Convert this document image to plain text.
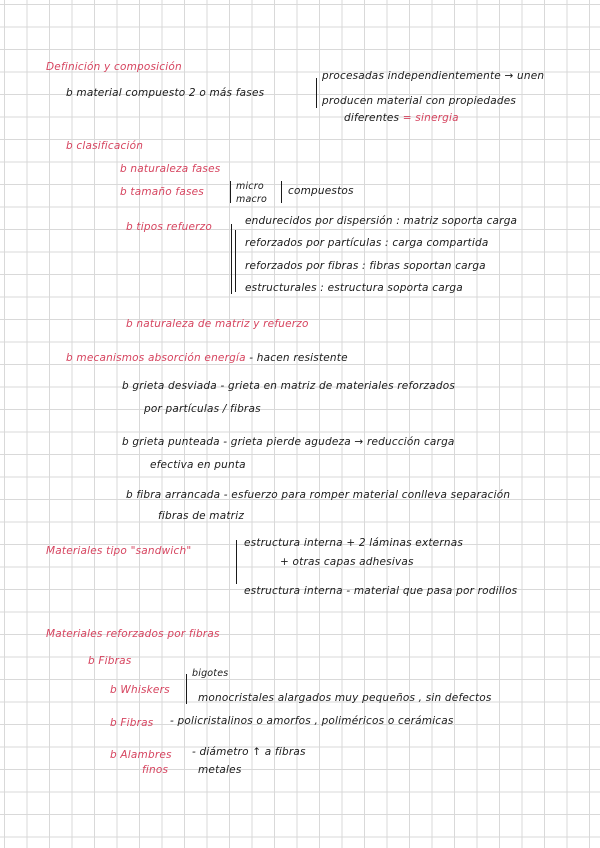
Definición y composición
b material compuesto 2 o más fases
procesadas independientemente → unen
producen material con propiedades
diferentes = sinergia
b clasificación
b naturaleza fases
b tamaño fases	micro
macro
compuestos
b tipos refuerzo	endurecidos por dispersión : matriz soporta carga
reforzados por partículas : carga compartida
reforzados por fibras : fibras soportan carga
estructurales : estructura soporta carga
b naturaleza de matriz y refuerzo
b mecanismos absorción energía - hacen resistente
b grieta desviada - grieta en matriz de materiales reforzados
por partículas / fibras
b grieta punteada - grieta pierde agudeza → reducción carga
efectiva en punta
b fibra arrancada - esfuerzo para romper material conlleva separación
fibras de matriz
Materiales tipo "sandwich"
estructura interna + 2 láminas externas
+ otras capas adhesivas
estructura interna - material que pasa por rodillos
Materiales reforzados por fibras
b Fibras
b Whiskers
bigotes
monocristales alargados muy pequeños , sin defectos
b Fibras - policristalinos o amorfos , poliméricos o cerámicas
b Alambres
finos
- diámetro ↑ a fibras
metales
